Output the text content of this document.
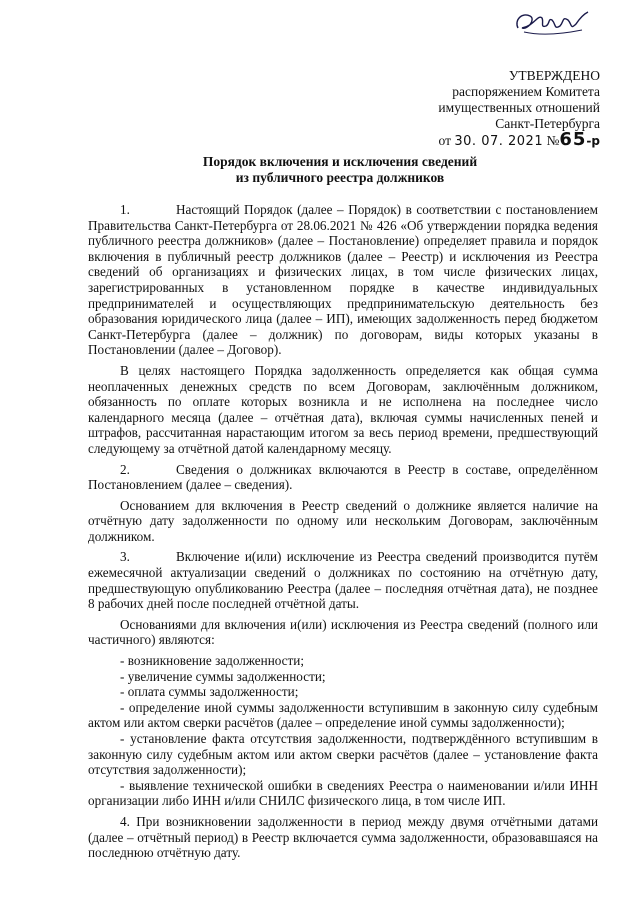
УТВЕРЖДЕНО
распоряжением Комитета
имущественных отношений
Санкт-Петербурга
от 30. 07. 2021 №65-р
Порядок включения и исключения сведений
из публичного реестра должников

1.	Настоящий Порядок (далее – Порядок) в соответствии с постановлением Правительства Санкт-Петербурга от 28.06.2021 № 426 «Об утверждении порядка ведения публичного реестра должников» (далее – Постановление) определяет правила и порядок включения в публичный реестр должников (далее – Реестр) и исключения из Реестра сведений об организациях и физических лицах, в том числе физических лицах, зарегистрированных в установленном порядке в качестве индивидуальных предпринимателей и осуществляющих предпринимательскую деятельность без образования юридического лица (далее – ИП), имеющих задолженность перед бюджетом Санкт-Петербурга (далее – должник) по договорам, виды которых указаны в Постановлении (далее – Договор).

В целях настоящего Порядка задолженность определяется как общая сумма неоплаченных денежных средств по всем Договорам, заключённым должником, обязанность по оплате которых возникла и не исполнена на последнее число календарного месяца (далее – отчётная дата), включая суммы начисленных пеней и штрафов, рассчитанная нарастающим итогом за весь период времени, предшествующий следующему за отчётной датой календарному месяцу.

2.	Сведения о должниках включаются в Реестр в составе, определённом Постановлением (далее – сведения).

Основанием для включения в Реестр сведений о должнике является наличие на отчётную дату задолженности по одному или нескольким Договорам, заключённым должником.

3.	Включение и(или) исключение из Реестра сведений производится путём ежемесячной актуализации сведений о должниках по состоянию на отчётную дату, предшествующую опубликованию Реестра (далее – последняя отчётная дата), не позднее 8 рабочих дней после последней отчётной даты.

Основаниями для включения и(или) исключения из Реестра сведений (полного или частичного) являются:

- возникновение задолженности;

- увеличение суммы задолженности;

- оплата суммы задолженности;

- определение иной суммы задолженности вступившим в законную силу судебным актом или актом сверки расчётов (далее – определение иной суммы задолженности);

- установление факта отсутствия задолженности, подтверждённого вступившим в законную силу судебным актом или актом сверки расчётов (далее – установление факта отсутствия задолженности);

- выявление технической ошибки в сведениях Реестра о наименовании и/или ИНН организации либо ИНН и/или СНИЛС физического лица, в том числе ИП.

4. При возникновении задолженности в период между двумя отчётными датами (далее – отчётный период) в Реестр включается сумма задолженности, образовавшаяся на последнюю отчётную дату.
